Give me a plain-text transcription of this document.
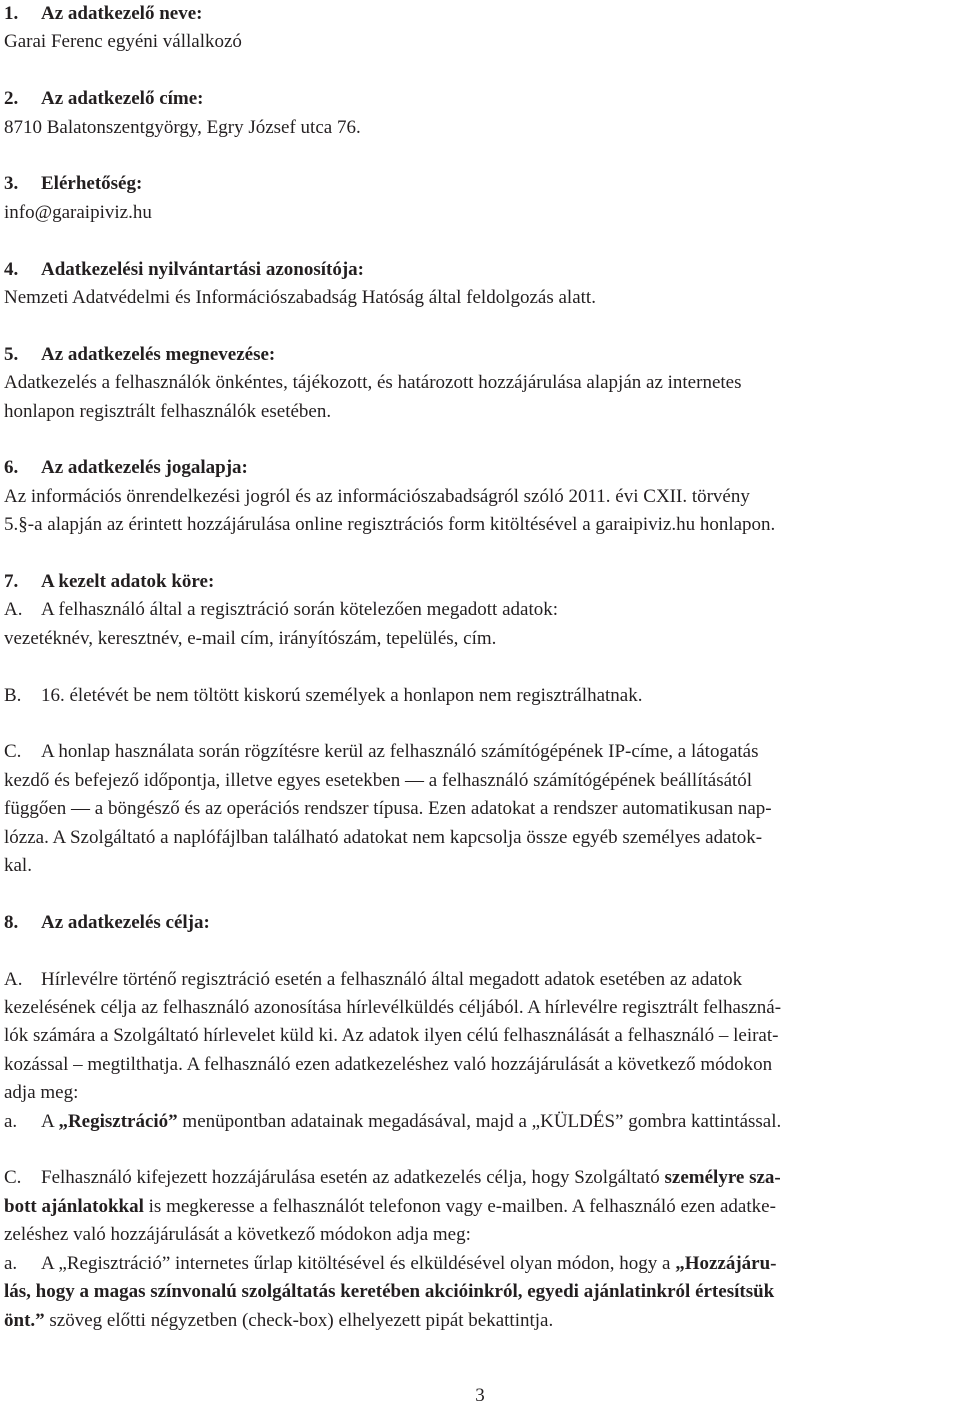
1. Az adatkezelő neve:

Garai Ferenc egyéni vállalkozó

2. Az adatkezelő címe:

8710 Balatonszentgyörgy, Egry József utca 76.

3. Elérhetőség:

info@garaipiviz.hu

4. Adatkezelési nyilvántartási azonosítója:

Nemzeti Adatvédelmi és Információszabadság Hatóság által feldolgozás alatt.

5. Az adatkezelés megnevezése:

Adatkezelés a felhasználók önkéntes, tájékozott, és határozott hozzájárulása alapján az internetes

honlapon regisztrált felhasználók esetében.

6. Az adatkezelés jogalapja:

Az információs önrendelkezési jogról és az információszabadságról szóló 2011. évi CXII. törvény

5.§-a alapján az érintett hozzájárulása online regisztrációs form kitöltésével a garaipiviz.hu honlapon.

7. A kezelt adatok köre:

A. A felhasználó által a regisztráció során kötelezően megadott adatok:

vezetéknév, keresztnév, e-mail cím, irányítószám, tepelülés, cím.

B. 16. életévét be nem töltött kiskorú személyek a honlapon nem regisztrálhatnak.

C. A honlap használata során rögzítésre kerül az felhasználó számítógépének IP-címe, a látogatás

kezdő és befejező időpontja, illetve egyes esetekben — a felhasználó számítógépének beállításától

függően — a böngésző és az operációs rendszer típusa. Ezen adatokat a rendszer automatikusan nap-

lózza. A Szolgáltató a naplófájlban található adatokat nem kapcsolja össze egyéb személyes adatok-

kal.

8. Az adatkezelés célja:

A. Hírlevélre történő regisztráció esetén a felhasználó által megadott adatok esetében az adatok

kezelésének célja az felhasználó azonosítása hírlevélküldés céljából. A hírlevélre regisztrált felhaszná-

lók számára a Szolgáltató hírlevelet küld ki. Az adatok ilyen célú felhasználását a felhasználó – leirat-

kozással – megtilthatja. A felhasználó ezen adatkezeléshez való hozzájárulását a következő módokon

adja meg:

a. A „Regisztráció” menüpontban adatainak megadásával, majd a „KÜLDÉS” gombra kattintással.

C. Felhasználó kifejezett hozzájárulása esetén az adatkezelés célja, hogy Szolgáltató személyre sza-

bott ajánlatokkal is megkeresse a felhasználót telefonon vagy e-mailben. A felhasználó ezen adatke-

zeléshez való hozzájárulását a következő módokon adja meg:

a. A „Regisztráció” internetes űrlap kitöltésével és elküldésével olyan módon, hogy a „Hozzájáru-

lás, hogy a magas színvonalú szolgáltatás keretében akcióinkról, egyedi ajánlatinkról értesítsük

önt.” szöveg előtti négyzetben (check-box) elhelyezett pipát bekattintja.

3
